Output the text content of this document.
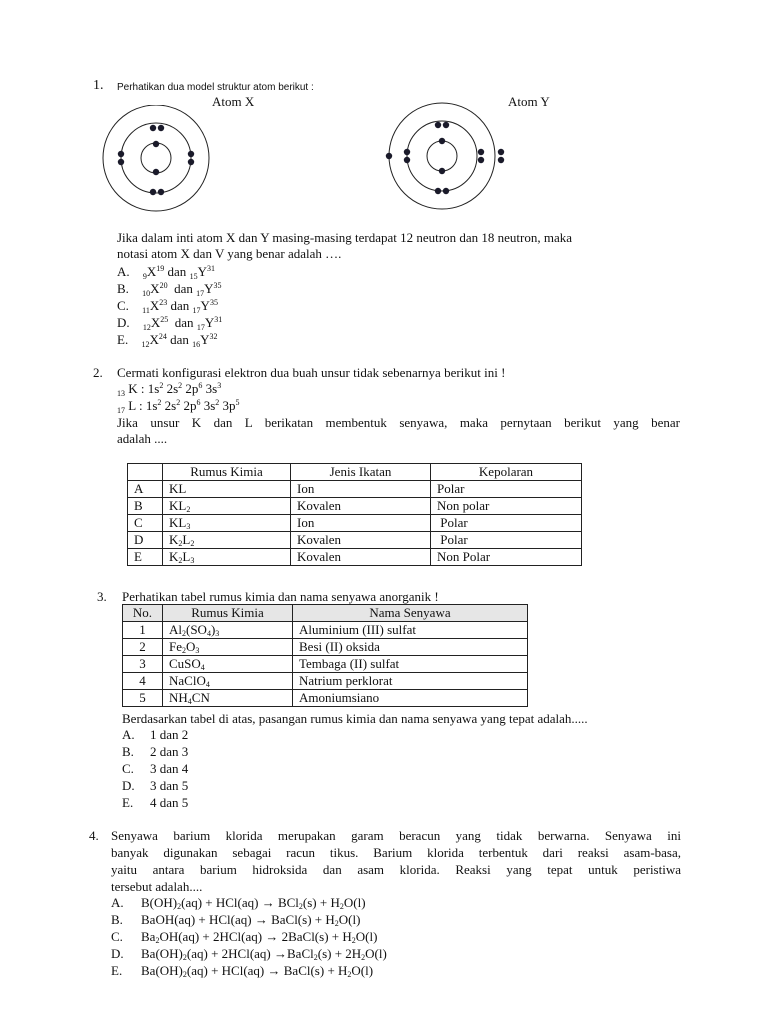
1. Perhatikan dua model struktur atom berikut :
Atom X	Atom Y
Jika dalam inti atom X dan Y masing-masing terdapat 12 neutron dan 18 neutron, maka
notasi atom X dan V yang benar adalah ….
A. $_9X^{19}$ dan $_{15}Y^{31}$
B. $_{10}X^{20}$  dan $_{17}Y^{35}$
C. $_{11}X^{23}$ dan $_{17}Y^{35}$
D. $_{12}X^{25}$  dan $_{17}Y^{31}$
E. $_{12}X^{24}$ dan $_{16}Y^{32}$
2. Cermati konfigurasi elektron dua buah unsur tidak sebenarnya berikut ini !
$_{13}$ K : $1s^2$ $2s^2$ $2p^6$ $3s^3$
$_{17}$ L : $1s^2$ $2s^2$ $2p^6$ $3s^2$ $3p^5$
Jika unsur K dan L berikatan membentuk senyawa, maka pernytaan berikut yang benar
adalah ....
	Rumus Kimia	Jenis Ikatan	Kepolaran
A	KL	Ion	Polar
B	$KL_2$	Kovalen	Non polar
C	$KL_3$	Ion	Polar
D	$K_2L_2$	Kovalen	Polar
E	$K_2L_3$	Kovalen	Non Polar
3. Perhatikan tabel rumus kimia dan nama senyawa anorganik !
No.	Rumus Kimia	Nama Senyawa
1	$Al_2(SO_4)_3$	Aluminium (III) sulfat
2	$Fe_2O_3$	Besi (II) oksida
3	CuSO$_4$	Tembaga (II) sulfat
4	NaClO$_4$	Natrium perklorat
5	$NH_4CN$	Amoniumsiano
Berdasarkan tabel di atas, pasangan rumus kimia dan nama senyawa yang tepat adalah.....
A. 1 dan 2
B. 2 dan 3
C. 3 dan 4
D. 3 dan 5
E. 4 dan 5
4. Senyawa barium klorida merupakan garam beracun yang tidak berwarna. Senyawa ini
banyak digunakan sebagai racun tikus. Barium klorida terbentuk dari reaksi asam-basa,
yaitu antara barium hidroksida dan asam klorida. Reaksi yang tepat untuk peristiwa
tersebut adalah....
A. $B(OH)_2(aq) + HCl(aq) \to BCl_2(s) + H_2O(l)$
B. BaOH(aq) + HCl(aq) → BaCl(s) + $H_2O(l)$
C. $Ba_2OH(aq) + 2HCl(aq)$ → 2BaCl(s) + $H_2O(l)$
D. $Ba(OH)_2(aq) + 2HCl(aq)$ →BaCl$_2$(s) + $2H_2O(l)$
E. $Ba(OH)_2(aq) + HCl(aq)$ → BaCl(s) + $H_2O(l)$
